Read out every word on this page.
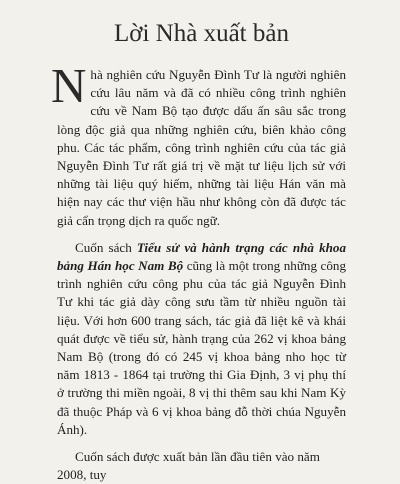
Lời Nhà xuất bản

Nhà nghiên cứu Nguyễn Đình Tư là người nghiên cứu lâu năm và đã có nhiều công trình nghiên cứu về Nam Bộ tạo được dấu ấn sâu sắc trong lòng độc giả qua những nghiên cứu, biên khảo công phu. Các tác phẩm, công trình nghiên cứu của tác giả Nguyễn Đình Tư rất giá trị về mặt tư liệu lịch sử với những tài liệu quý hiếm, những tài liệu Hán văn mà hiện nay các thư viện hầu như không còn đã được tác giả cẩn trọng dịch ra quốc ngữ.

Cuốn sách Tiểu sử và hành trạng các nhà khoa bảng Hán học Nam Bộ cũng là một trong những công trình nghiên cứu công phu của tác giả Nguyễn Đình Tư khi tác giả dày công sưu tầm từ nhiều nguồn tài liệu. Với hơn 600 trang sách, tác giả đã liệt kê và khái quát được về tiểu sử, hành trạng của 262 vị khoa bảng Nam Bộ (trong đó có 245 vị khoa bảng nho học từ năm 1813 - 1864 tại trường thi Gia Định, 3 vị phụ thí ở trường thi miền ngoài, 8 vị thi thêm sau khi Nam Kỳ đã thuộc Pháp và 6 vị khoa bảng đỗ thời chúa Nguyễn Ánh).

Cuốn sách được xuất bản lần đầu tiên vào năm 2008, tuy
